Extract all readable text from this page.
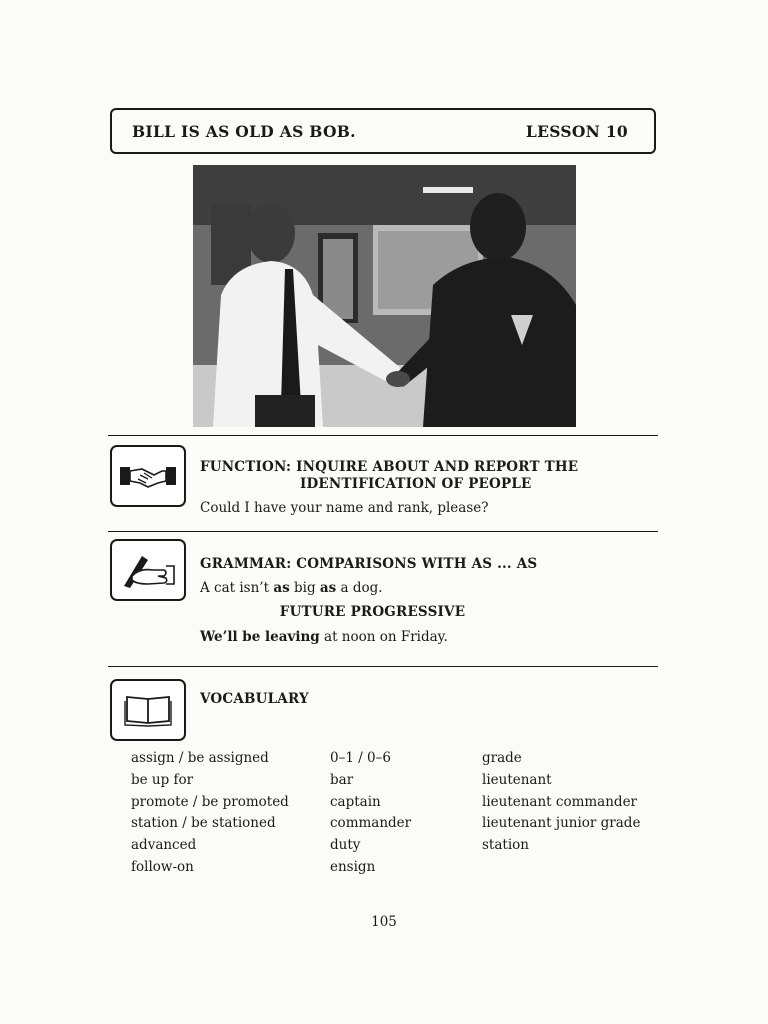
BILL IS AS OLD AS BOB.	LESSON 10
FUNCTION: INQUIRE ABOUT AND REPORT THE
IDENTIFICATION OF PEOPLE
Could I have your name and rank, please?
GRAMMAR: COMPARISONS WITH AS ... AS
A cat isn’t as big as a dog.
FUTURE PROGRESSIVE
We’ll be leaving at noon on Friday.
VOCABULARY
assign / be assigned
be up for
promote / be promoted
station / be stationed
advanced
follow-on
0–1 / 0–6
bar
captain
commander
duty
ensign
grade
lieutenant
lieutenant commander
lieutenant junior grade
station
105
